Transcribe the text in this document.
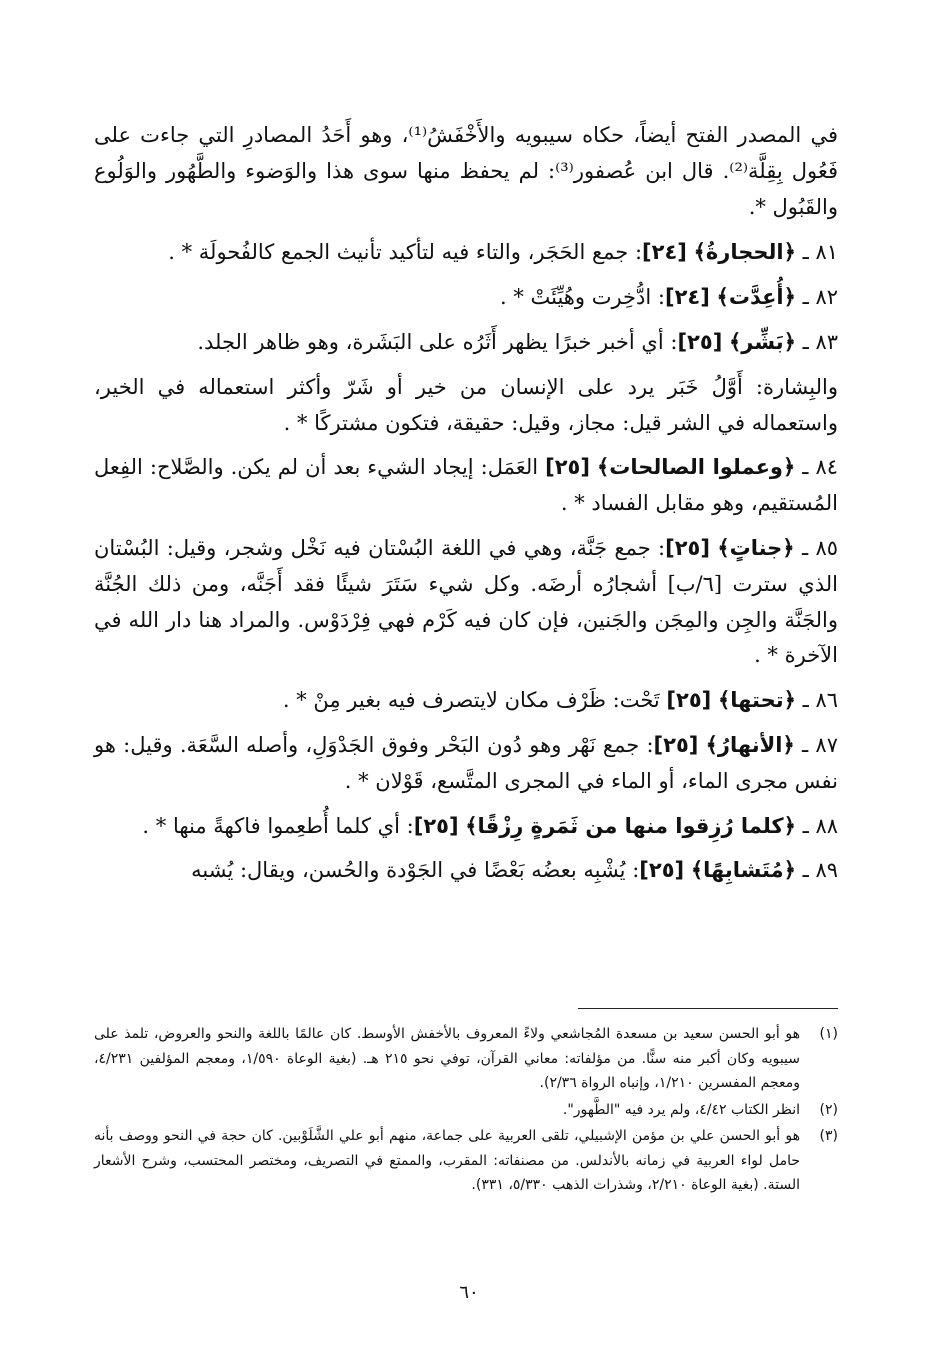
في المصدر الفتح أيضاً، حكاه سيبويه والأَخْفَشُ⁽¹⁾، وهو أَحَدُ المصادرِ التي جاءت على فَعُول بِقِلَّة⁽²⁾. قال ابن عُصفور⁽³⁾: لم يحفظ منها سوى هذا والوَضوء والطَّهُور والوَلُوع والقَبُول *.

٨١ ـ ﴿الحجارةُ﴾ [٢٤]: جمع الحَجَر، والتاء فيه لتأكيد تأنيث الجمع كالفُحولَة * .

٨٢ ـ ﴿أُعِدَّت﴾ [٢٤]: ادُّخِرت وهُيِّئَتْ * .

٨٣ ـ ﴿بَشِّر﴾ [٢٥]: أي أخبر خبرًا يظهر أَثَرُه على البَشَرة، وهو ظاهر الجلد.

والبِشارة: أَوَّلُ خَبَر يرد على الإنسان من خير أو شَرّ وأكثر استعماله في الخير، واستعماله في الشر قيل: مجاز، وقيل: حقيقة، فتكون مشتركًا * .

٨٤ ـ ﴿وعملوا الصالحات﴾ [٢٥] العَمَل: إيجاد الشيء بعد أن لم يكن. والصَّلاح: الفِعل المُستقيم، وهو مقابل الفساد * .

٨٥ ـ ﴿جناتٍ﴾ [٢٥]: جمع جَنَّة، وهي في اللغة البُسْتان فيه نَخْل وشجر، وقيل: البُسْتان الذي سترت [٦/ب] أشجارُه أرضَه. وكل شيء سَتَرَ شيئًا فقد أَجَنَّه، ومن ذلك الجُنَّة والجَنَّة والجِن والمِجَن والجَنين، فإن كان فيه كَرْم فهي فِرْدَوْس. والمراد هنا دار الله في الآخرة * .

٨٦ ـ ﴿تحتها﴾ [٢٥] تَحْت: ظَرْف مكان لايتصرف فيه بغير مِنْ * .

٨٧ ـ ﴿الأنهارُ﴾ [٢٥]: جمع نَهْر وهو دُون البَحْر وفوق الجَدْوَلِ، وأصله السَّعَة. وقيل: هو نفس مجرى الماء، أو الماء في المجرى المتَّسع، قَوْلان * .

٨٨ ـ ﴿كلما رُزِقوا منها من ثَمَرةٍ رِزْقًا﴾ [٢٥]: أي كلما أُطعِموا فاكهةً منها * .

٨٩ ـ ﴿مُتَشابِهًا﴾ [٢٥]: يُشْبِه بعضُه بَعْضًا في الجَوْدة والحُسن، ويقال: يُشبه

(١)
هو أبو الحسن سعيد بن مسعدة المُجاشعي ولاءً المعروف بالأخفش الأوسط. كان عالمًا باللغة والنحو والعروض، تلمذ على سيبويه وكان أكبر منه سنًّا. من مؤلفاته: معاني القرآن، توفي نحو ٢١٥ هـ. (بغية الوعاة ١/٥٩٠، ومعجم المؤلفين ٤/٢٣١، ومعجم المفسرين ١/٢١٠، وإنباه الرواة ٢/٣٦).
(٢)
انظر الكتاب ٤/٤٢، ولم يرد فيه "الطَّهور".
(٣)
هو أبو الحسن علي بن مؤمن الإشبيلي، تلقى العربية على جماعة، منهم أبو علي الشَّلَوْبين. كان حجة في النحو ووصف بأنه حامل لواء العربية في زمانه بالأندلس. من مصنفاته: المقرب، والممتع في التصريف، ومختصر المحتسب، وشرح الأشعار الستة. (بغية الوعاة ٢/٢١٠، وشذرات الذهب ٥/٣٣٠، ٣٣١).
٦٠
